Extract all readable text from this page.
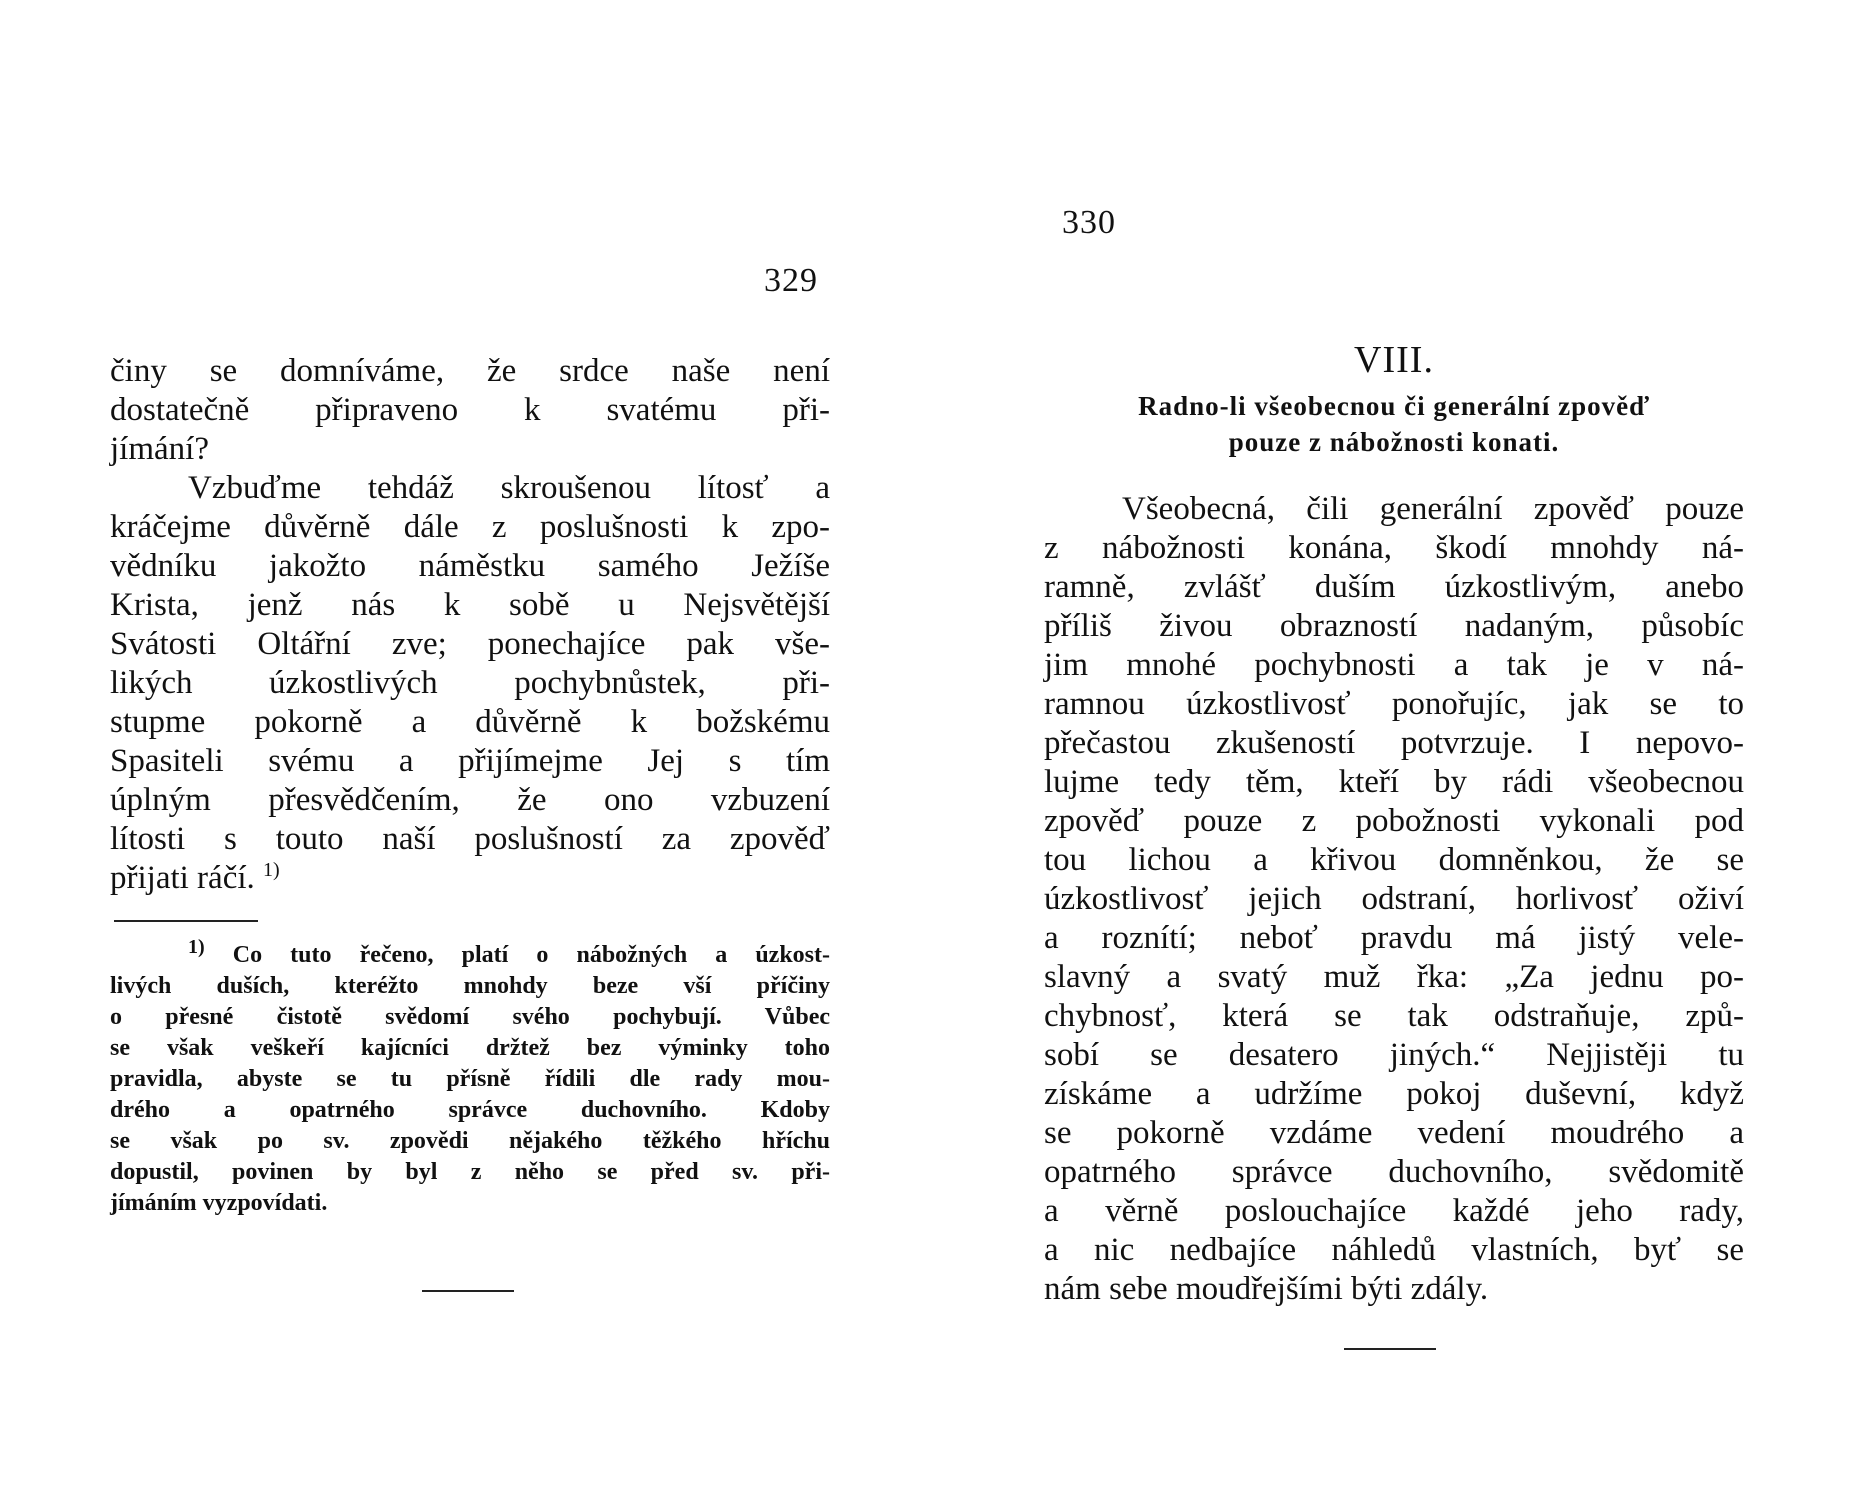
329
činy se domníváme, že srdce naše není
dostatečně připraveno k svatému při-
jímání?
Vzbuďme tehdáž skroušenou lítosť a
kráčejme důvěrně dále z poslušnosti k zpo-
vědníku jakožto náměstku samého Ježíše
Krista, jenž nás k sobě u Nejsvětější
Svátosti Oltářní zve; ponechajíce pak vše-
likých úzkostlivých pochybnůstek, při-
stupme pokorně a důvěrně k božskému
Spasiteli svému a přijímejme Jej s tím
úplným přesvědčením, že ono vzbuzení
lítosti s touto naší poslušností za zpověď
přijati ráčí. $^{1)}$
$^{1)}$ Co tuto řečeno, platí o nábožných a úzkost-
livých duších, kteréžto mnohdy beze vší příčiny
o přesné čistotě svědomí svého pochybují. Vůbec
se však veškeří kajícníci držtež bez výminky toho
pravidla, abyste se tu přísně řídili dle rady mou-
drého a opatrného správce duchovního. Kdoby
se však po sv. zpovědi nějakého těžkého hříchu
dopustil, povinen by byl z něho se před sv. při-
jímáním vyzpovídati.
330
VIII.
Radno-li všeobecnou či generální zpověď
pouze z nábožnosti konati.
Všeobecná, čili generální zpověď pouze
z nábožnosti konána, škodí mnohdy ná-
ramně, zvlášť duším úzkostlivým, anebo
příliš živou obrazností nadaným, působíc
jim mnohé pochybnosti a tak je v ná-
ramnou úzkostlivosť ponořujíc, jak se to
přečastou zkušeností potvrzuje. I nepovo-
lujme tedy těm, kteří by rádi všeobecnou
zpověď pouze z pobožnosti vykonali pod
tou lichou a křivou domněnkou, že se
úzkostlivosť jejich odstraní, horlivosť oživí
a roznítí; neboť pravdu má jistý vele-
slavný a svatý muž řka: „Za jednu po-
chybnosť, která se tak odstraňuje, způ-
sobí se desatero jiných.“ Nejjistěji tu
získáme a udržíme pokoj duševní, když
se pokorně vzdáme vedení moudrého a
opatrného správce duchovního, svědomitě
a věrně poslouchajíce každé jeho rady,
a nic nedbajíce náhledů vlastních, byť se
nám sebe moudřejšími býti zdály.
